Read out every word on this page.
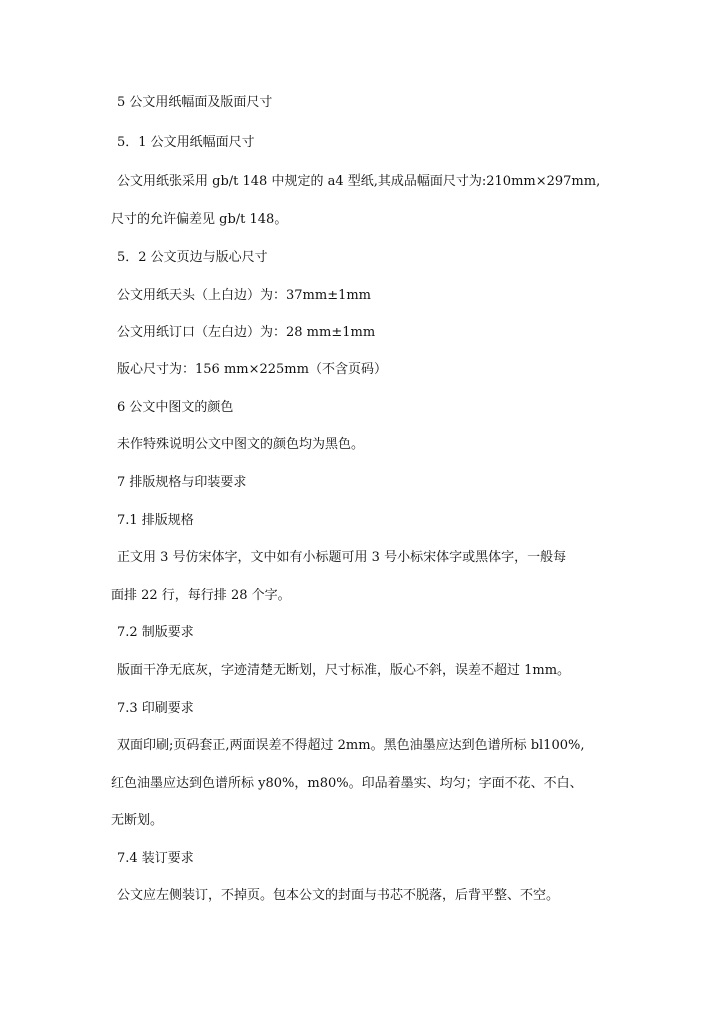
5 公文用纸幅面及版面尺寸
5．1 公文用纸幅面尺寸
公文用纸张采用 gb/t 148 中规定的 a4 型纸,其成品幅面尺寸为:210mm×297mm,
尺寸的允许偏差见 gb/t 148。
5．2 公文页边与版心尺寸
公文用纸天头（上白边）为：37mm±1mm
公文用纸订口（左白边）为：28 mm±1mm
版心尺寸为：156 mm×225mm（不含页码）
6 公文中图文的颜色
未作特殊说明公文中图文的颜色均为黑色。
7 排版规格与印装要求
7.1 排版规格
正文用 3 号仿宋体字，文中如有小标题可用 3 号小标宋体字或黑体字，一般每
面排 22 行，每行排 28 个字。
7.2 制版要求
版面干净无底灰，字迹清楚无断划，尺寸标准，版心不斜，误差不超过 1mm。
7.3 印刷要求
双面印刷;页码套正,两面误差不得超过 2mm。黑色油墨应达到色谱所标 bl100%,
红色油墨应达到色谱所标 y80%，m80%。印品着墨实、均匀；字面不花、不白、
无断划。
7.4 装订要求
公文应左侧装订，不掉页。包本公文的封面与书芯不脱落，后背平整、不空。
